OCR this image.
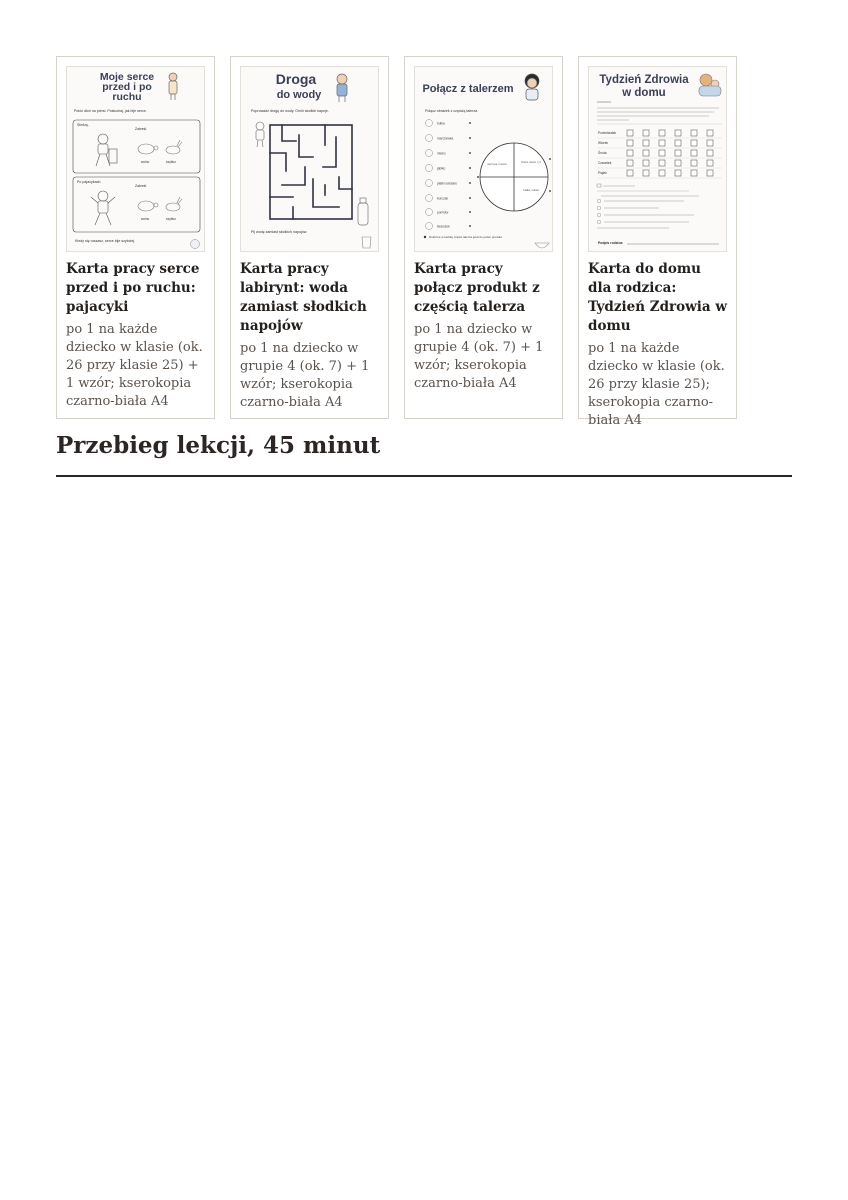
Moje serce
przed i po
ruchu
Połóż dłoń na piersi. Posłuchaj, jak bije serce.
Siedzę.
Zakreśl.
wolno	szybko
Po pajacykach.
Zakreśl.
wolno	szybko
Kiedy się ruszasz, serce bije szybciej.

Karta pracy serce przed i po ruchu: pajacyki

po 1 na każde dziecko w klasie (ok. 26 przy klasie 25) + 1 wzór; kserokopia czarno-biała A4

Droga
do wody
Poprowadź drogę do wody. Omiń słodkie napoje.
Pij wodę zamiast słodkich napojów.

Karta pracy labirynt: woda zamiast słodkich napojów

po 1 na dziecko w grupie 4 (ok. 7) + 1 wzór; kserokopia czarno-biała A4

Połącz z talerzem
Połącz obrazek z częścią talerza.
bułka
marchewka
mleko
jabłko
płatki owsiane
kurczak
pomidor
twarożek
warzywa i owoce
zboża, kasze, ryż
białko, nabiał
Dołożcie w każdej części talerza jeszcze jeden produkt.

Karta pracy połącz produkt z częścią talerza

po 1 na dziecko w grupie 4 (ok. 7) + 1 wzór; kserokopia czarno-biała A4

Tydzień Zdrowia
w domu
Poniedziałek
Wtorek
Środa
Czwartek
Piątek
Podpis rodzica:

Karta do domu dla rodzica: Tydzień Zdrowia w domu

po 1 na każde dziecko w klasie (ok. 26 przy klasie 25); kserokopia czarno-biała A4

Przebieg lekcji, 45 minut
